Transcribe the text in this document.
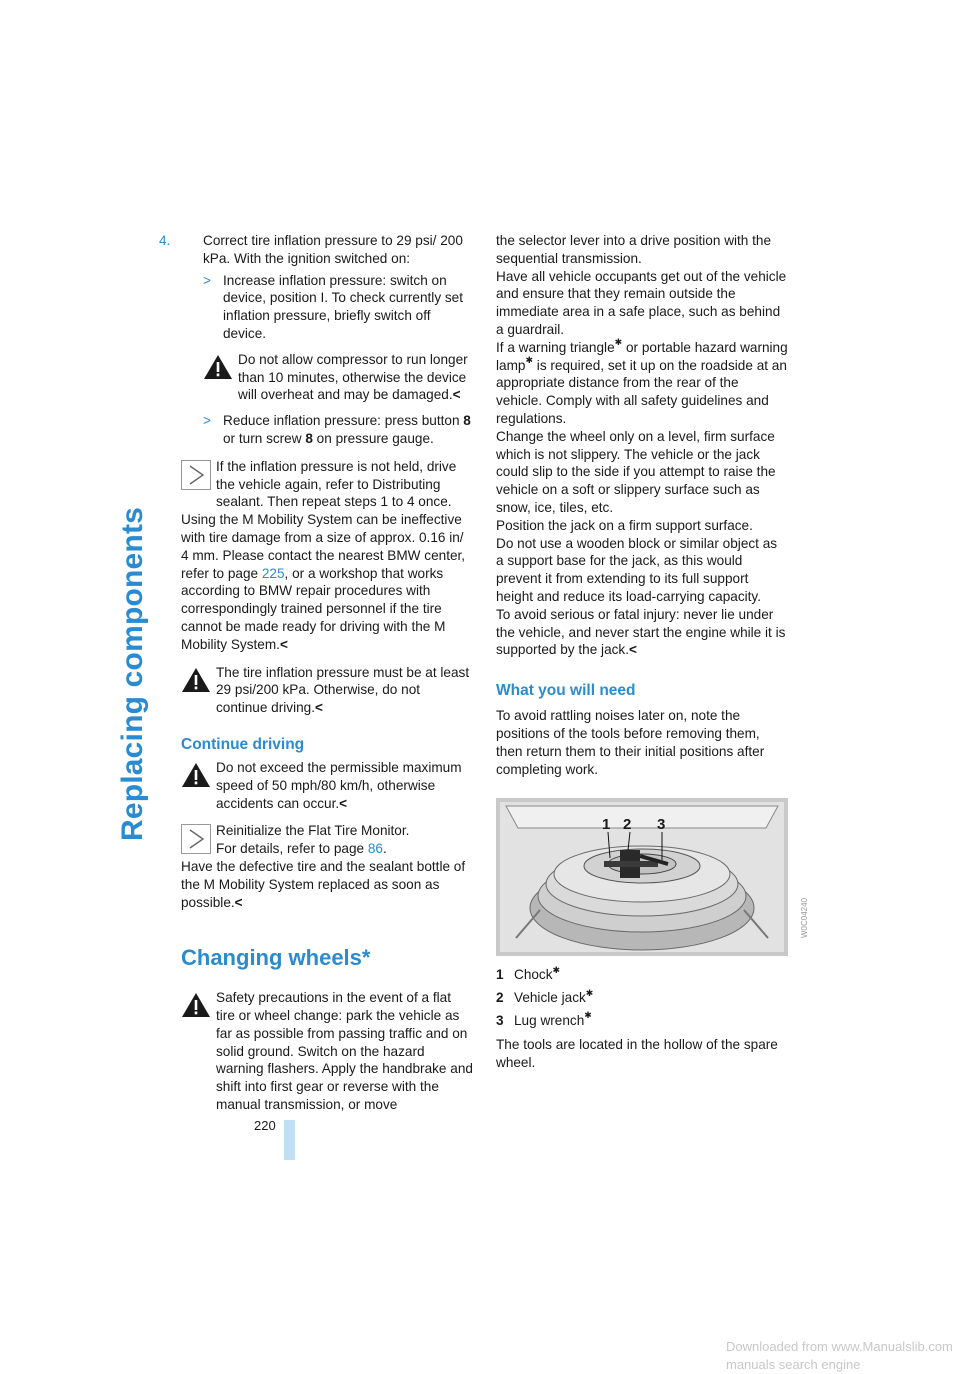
Replacing components

4. Correct tire inflation pressure to 29 psi/ 200 kPa. With the ignition switched on:

> Increase inflation pressure: switch on device, position I. To check currently set inflation pressure, briefly switch off device.

Do not allow compressor to run longer than 10 minutes, otherwise the device will overheat and may be damaged.<

> Reduce inflation pressure: press button 8 or turn screw 8 on pressure gauge.

If the inflation pressure is not held, drive the vehicle again, refer to Distributing sealant. Then repeat steps 1 to 4 once.

Using the M Mobility System can be ineffective with tire damage from a size of approx. 0.16 in/ 4 mm. Please contact the nearest BMW center, refer to page 225, or a workshop that works according to BMW repair procedures with correspondingly trained personnel if the tire cannot be made ready for driving with the M Mobility System.<

The tire inflation pressure must be at least 29 psi/200 kPa. Otherwise, do not continue driving.<

Continue driving

Do not exceed the permissible maximum speed of 50 mph/80 km/h, otherwise accidents can occur.<

Reinitialize the Flat Tire Monitor.

For details, refer to page 86.

Have the defective tire and the sealant bottle of the M Mobility System replaced as soon as possible.<

Changing wheels*

Safety precautions in the event of a flat tire or wheel change: park the vehicle as far as possible from passing traffic and on solid ground. Switch on the hazard warning flashers. Apply the handbrake and shift into first gear or reverse with the manual transmission, or move

the selector lever into a drive position with the sequential transmission.

Have all vehicle occupants get out of the vehicle and ensure that they remain outside the immediate area in a safe place, such as behind a guardrail.

If a warning triangle✱ or portable hazard warning lamp✱ is required, set it up on the roadside at an appropriate distance from the rear of the vehicle. Comply with all safety guidelines and regulations.

Change the wheel only on a level, firm surface which is not slippery. The vehicle or the jack could slip to the side if you attempt to raise the vehicle on a soft or slippery surface such as snow, ice, tiles, etc.

Position the jack on a firm support surface.

Do not use a wooden block or similar object as a support base for the jack, as this would prevent it from extending to its full support height and reduce its load-carrying capacity.

To avoid serious or fatal injury: never lie under the vehicle, and never start the engine while it is supported by the jack.<

What you will need

To avoid rattling noises later on, note the positions of the tools before removing them, then return them to their initial positions after completing work.

1 2 3
W0C04240

1 Chock✱

2 Vehicle jack✱

3 Lug wrench✱

The tools are located in the hollow of the spare wheel.

220
Downloaded from www.Manualslib.com manuals search engine
